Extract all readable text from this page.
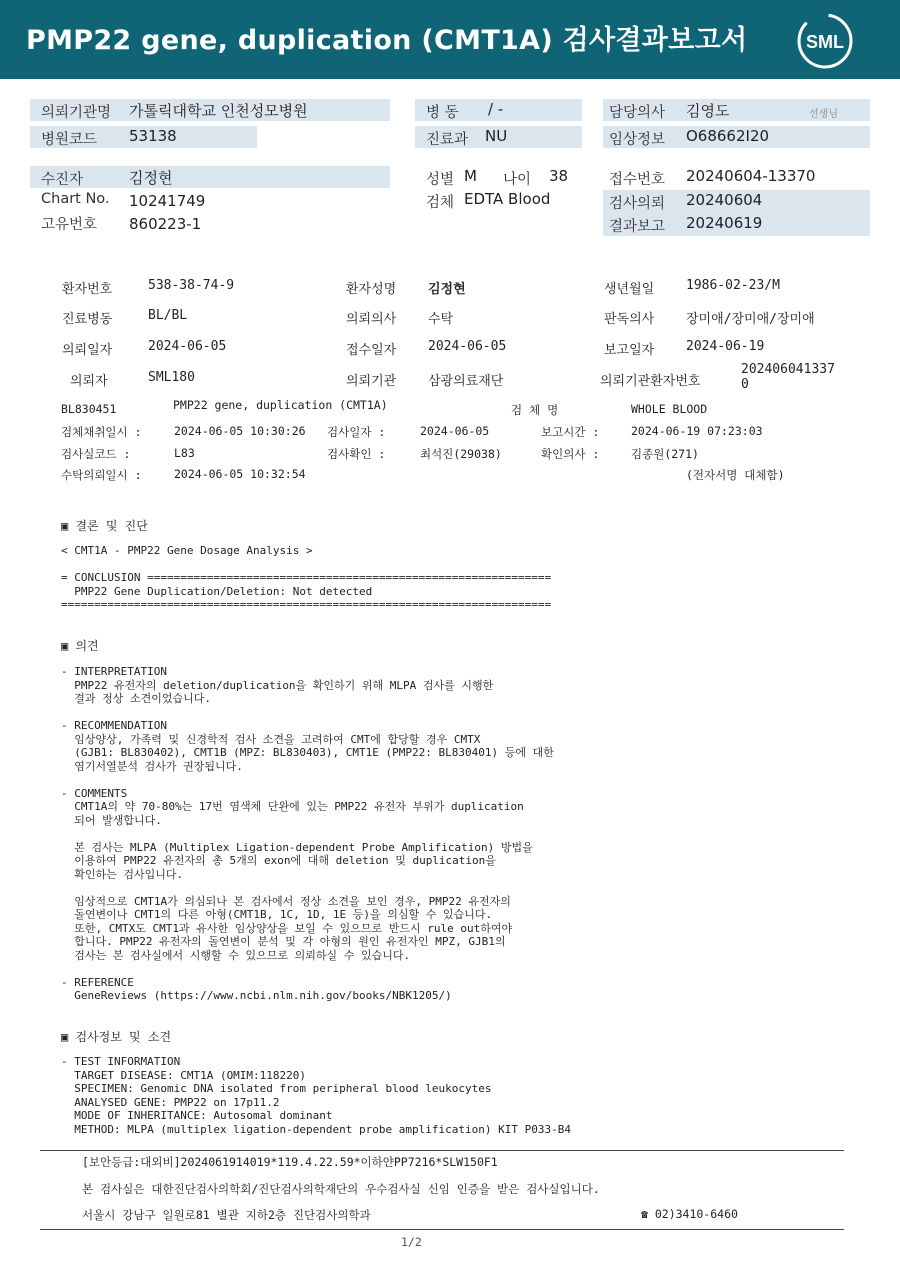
PMP22 gene, duplication (CMT1A) 검사결과보고서	SML
의뢰기관명 가톨릭대학교 인천성모병원	병 동 / -	담당의사 김영도	선생님
병원코드 53138	진료과 NU	임상정보 O68662I20
수진자	김정현	성별 M 나이 38	접수번호 20240604-13370
Chart No. 10241749	검체 EDTA Blood	검사의뢰 20240604
고유번호 860223-1	결과보고 20240619
환자번호	538-38-74-9	환자성명 김정현	생년월일 1986-02-23/M
진료병동	BL/BL	의뢰의사 수탁	판독의사 장미애/장미애/장미애
의뢰일자	2024-06-05	접수일자 2024-06-05	보고일자 2024-06-19
의뢰자	SML180	의뢰기관 삼광의료재단	의뢰기관환자번호
202406041337
0
BL830451	PMP22 gene, duplication (CMT1A)	검 체 명	WHOLE BLOOD
검체채취일시 :	2024-06-05 10:30:26 검사일자 :	2024-06-05	보고시간 :	2024-06-19 07:23:03
검사실코드 :	L83	검사확인 :	최석진(29038)	확인의사 :	김종원(271)
수탁의뢰일시 :	2024-06-05 10:32:54	(전자서명 대체함)
▣ 결론 및 진단
< CMT1A - PMP22 Gene Dosage Analysis >

= CONCLUSION =============================================================
PMP22 Gene Duplication/Deletion: Not detected
==========================================================================
▣ 의견
- INTERPRETATION
PMP22 유전자의 deletion/duplication을 확인하기 위해 MLPA 검사를 시행한
결과 정상 소견이었습니다.

- RECOMMENDATION
임상양상, 가족력 및 신경학적 검사 소견을 고려하여 CMT에 합당할 경우 CMTX
(GJB1: BL830402), CMT1B (MPZ: BL830403), CMT1E (PMP22: BL830401) 등에 대한
염기서열분석 검사가 권장됩니다.

- COMMENTS
CMT1A의 약 70-80%는 17번 염색체 단완에 있는 PMP22 유전자 부위가 duplication
되어 발생합니다.

본 검사는 MLPA (Multiplex Ligation-dependent Probe Amplification) 방법을
이용하여 PMP22 유전자의 총 5개의 exon에 대해 deletion 및 duplication을
확인하는 검사입니다.

임상적으로 CMT1A가 의심되나 본 검사에서 정상 소견을 보인 경우, PMP22 유전자의
돌연변이나 CMT1의 다른 아형(CMT1B, 1C, 1D, 1E 등)을 의심할 수 있습니다.
또한, CMTX도 CMT1과 유사한 임상양상을 보일 수 있으므로 반드시 rule out하여야
합니다. PMP22 유전자의 돌연변이 분석 및 각 아형의 원인 유전자인 MPZ, GJB1의
검사는 본 검사실에서 시행할 수 있으므로 의뢰하실 수 있습니다.

- REFERENCE
GeneReviews (https://www.ncbi.nlm.nih.gov/books/NBK1205/)
▣ 검사정보 및 소견
- TEST INFORMATION
TARGET DISEASE: CMT1A (OMIM:118220)
SPECIMEN: Genomic DNA isolated from peripheral blood leukocytes
ANALYSED GENE: PMP22 on 17p11.2
MODE OF INHERITANCE: Autosomal dominant
METHOD: MLPA (multiplex ligation-dependent probe amplification) KIT P033-B4
[보안등급:대외비]2024061914019*119.4.22.59*이하얀PP7216*SLW150F1
본 검사실은 대한진단검사의학회/진단검사의학재단의 우수검사실 신임 인증을 받은 검사실입니다.
서울시 강남구 일원로81 별관 지하2층 진단검사의학과	☎ 02)3410-6460
1/2
